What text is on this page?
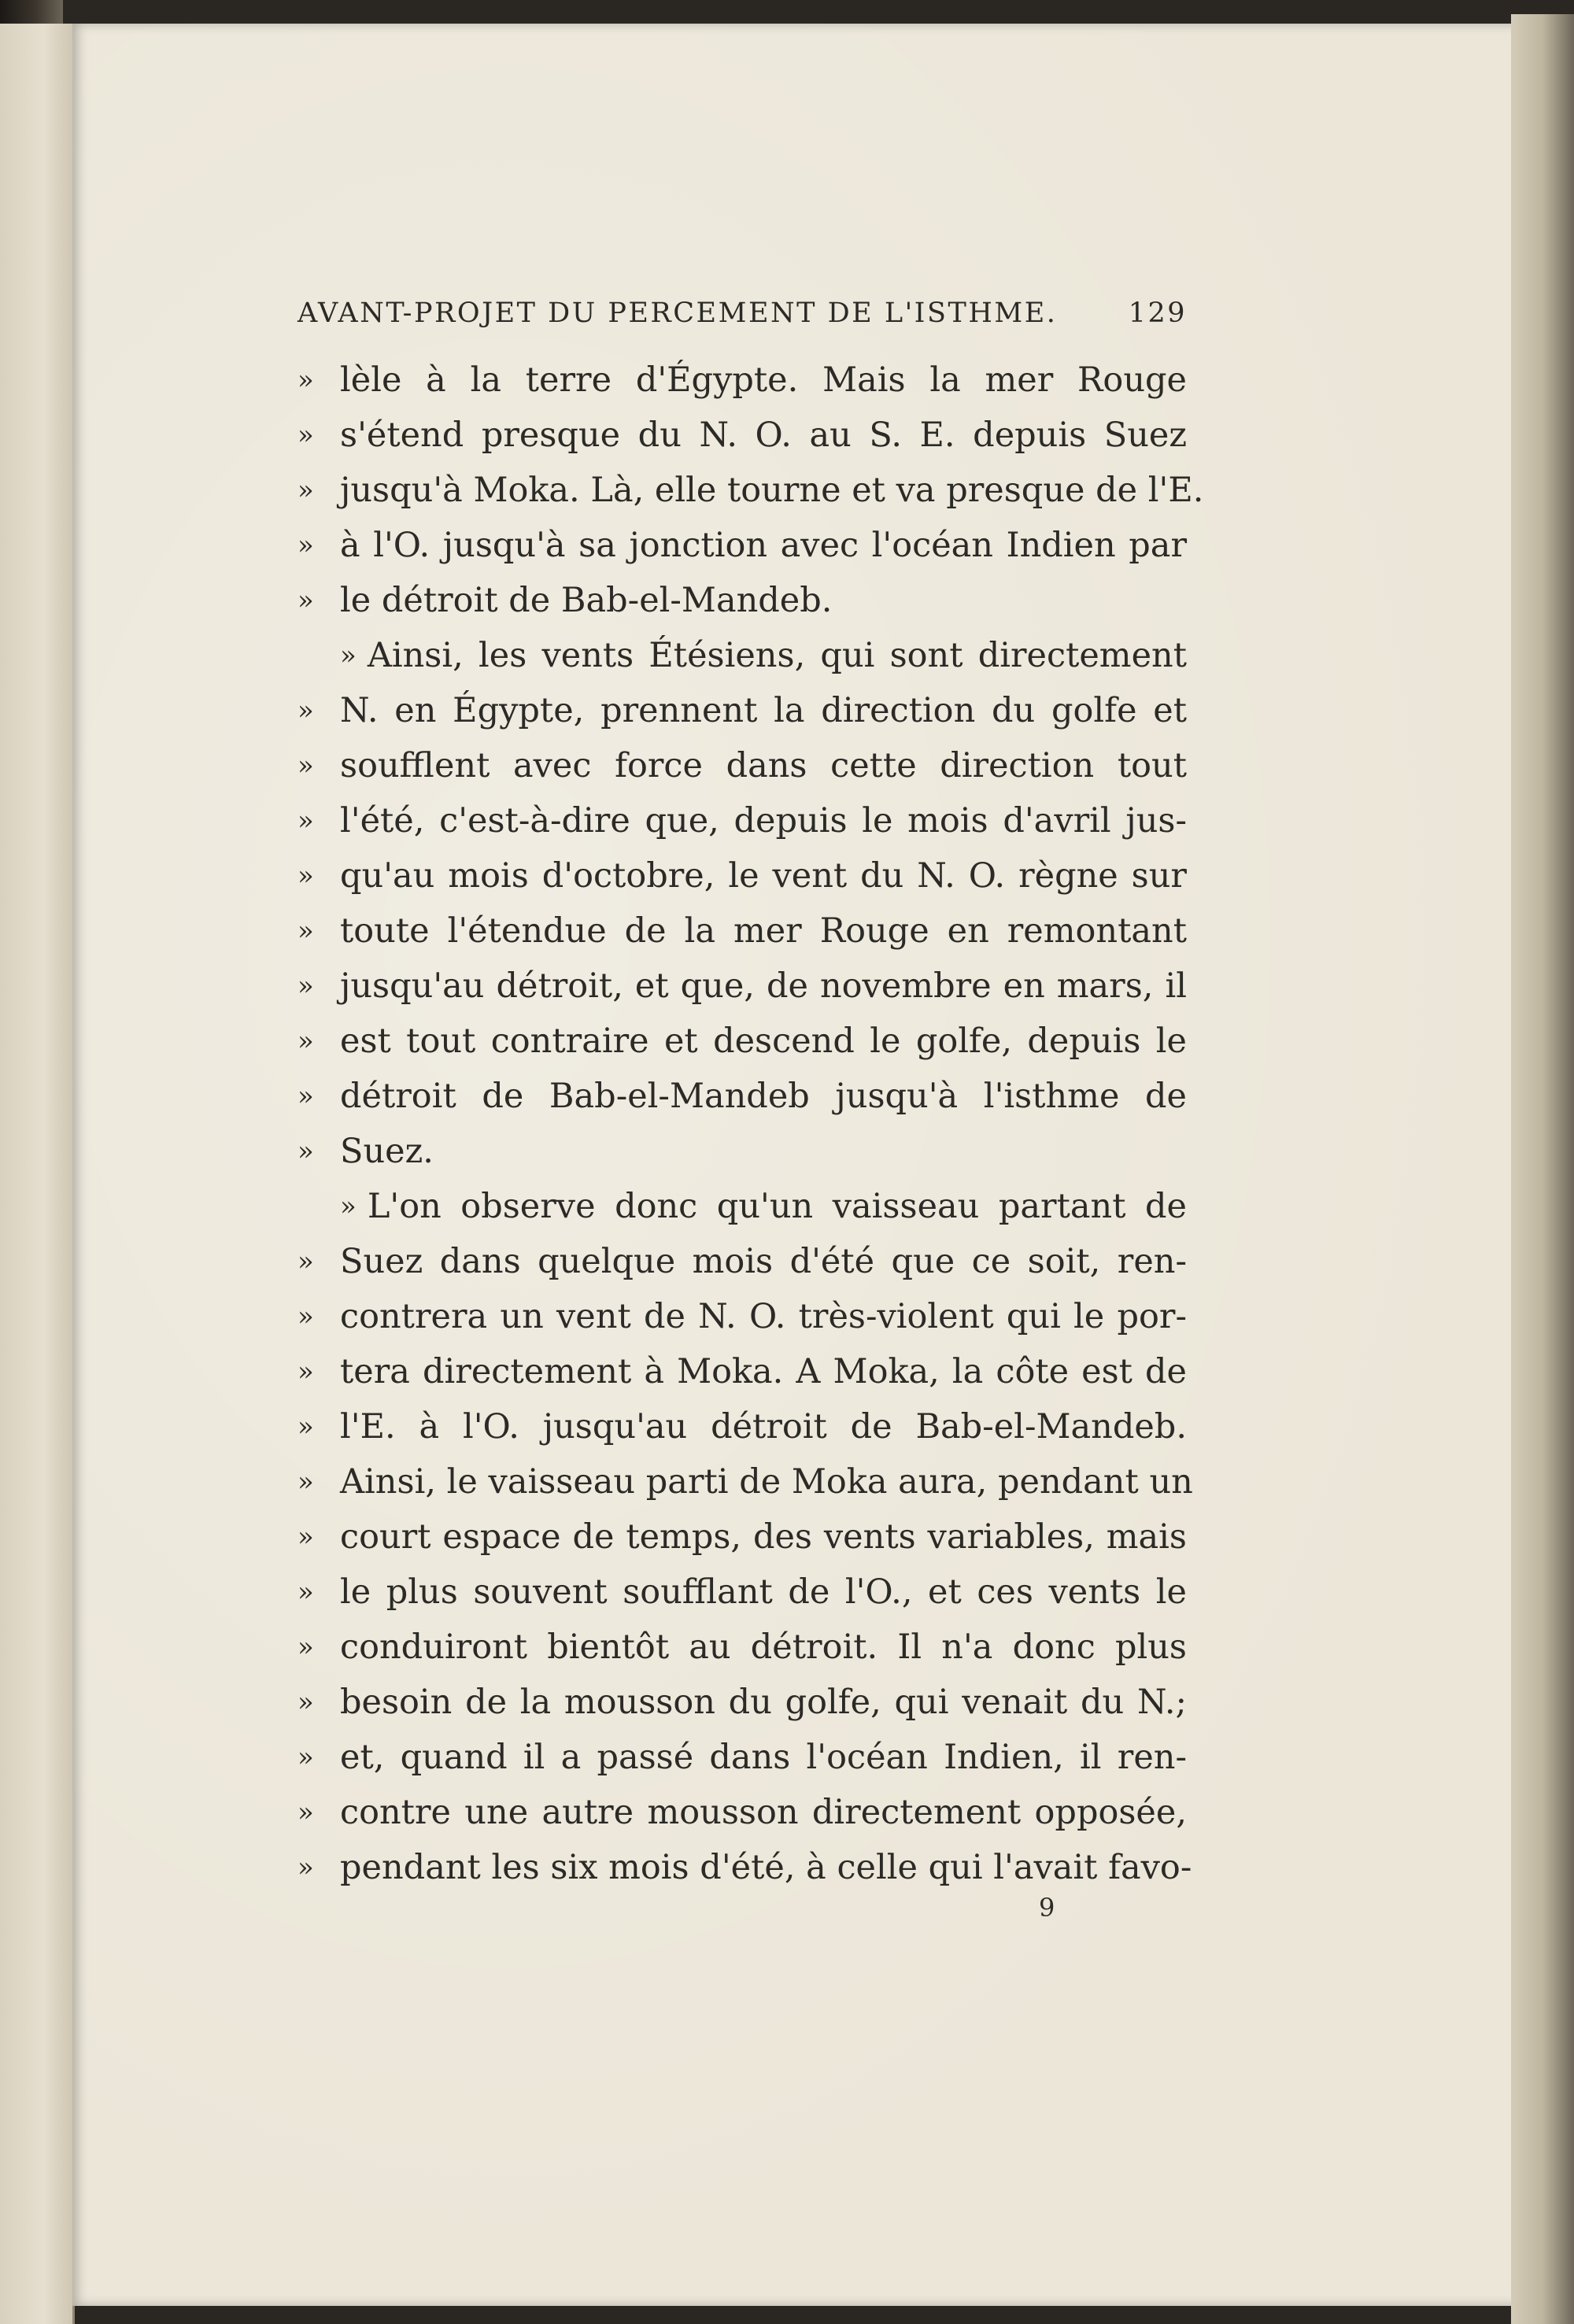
AVANT-PROJET DU PERCEMENT DE L'ISTHME.	129
» lèle à la terre d'Égypte. Mais la mer Rouge
» s'étend presque du N. O. au S. E. depuis Suez
» jusqu'à Moka. Là, elle tourne et va presque de l'E.
» à l'O. jusqu'à sa jonction avec l'océan Indien par
» le détroit de Bab-el-Mandeb.
» Ainsi, les vents Étésiens, qui sont directement
» N. en Égypte, prennent la direction du golfe et
» soufflent avec force dans cette direction tout
» l'été, c'est-à-dire que, depuis le mois d'avril jus-
» qu'au mois d'octobre, le vent du N. O. règne sur
» toute l'étendue de la mer Rouge en remontant
» jusqu'au détroit, et que, de novembre en mars, il
» est tout contraire et descend le golfe, depuis le
» détroit de Bab-el-Mandeb jusqu'à l'isthme de
» Suez.
» L'on observe donc qu'un vaisseau partant de
» Suez dans quelque mois d'été que ce soit, ren-
» contrera un vent de N. O. très-violent qui le por-
» tera directement à Moka. A Moka, la côte est de
» l'E. à l'O. jusqu'au détroit de Bab-el-Mandeb.
» Ainsi, le vaisseau parti de Moka aura, pendant un
» court espace de temps, des vents variables, mais
» le plus souvent soufflant de l'O., et ces vents le
» conduiront bientôt au détroit. Il n'a donc plus
» besoin de la mousson du golfe, qui venait du N.;
» et, quand il a passé dans l'océan Indien, il ren-
» contre une autre mousson directement opposée,
» pendant les six mois d'été, à celle qui l'avait favo-
9
